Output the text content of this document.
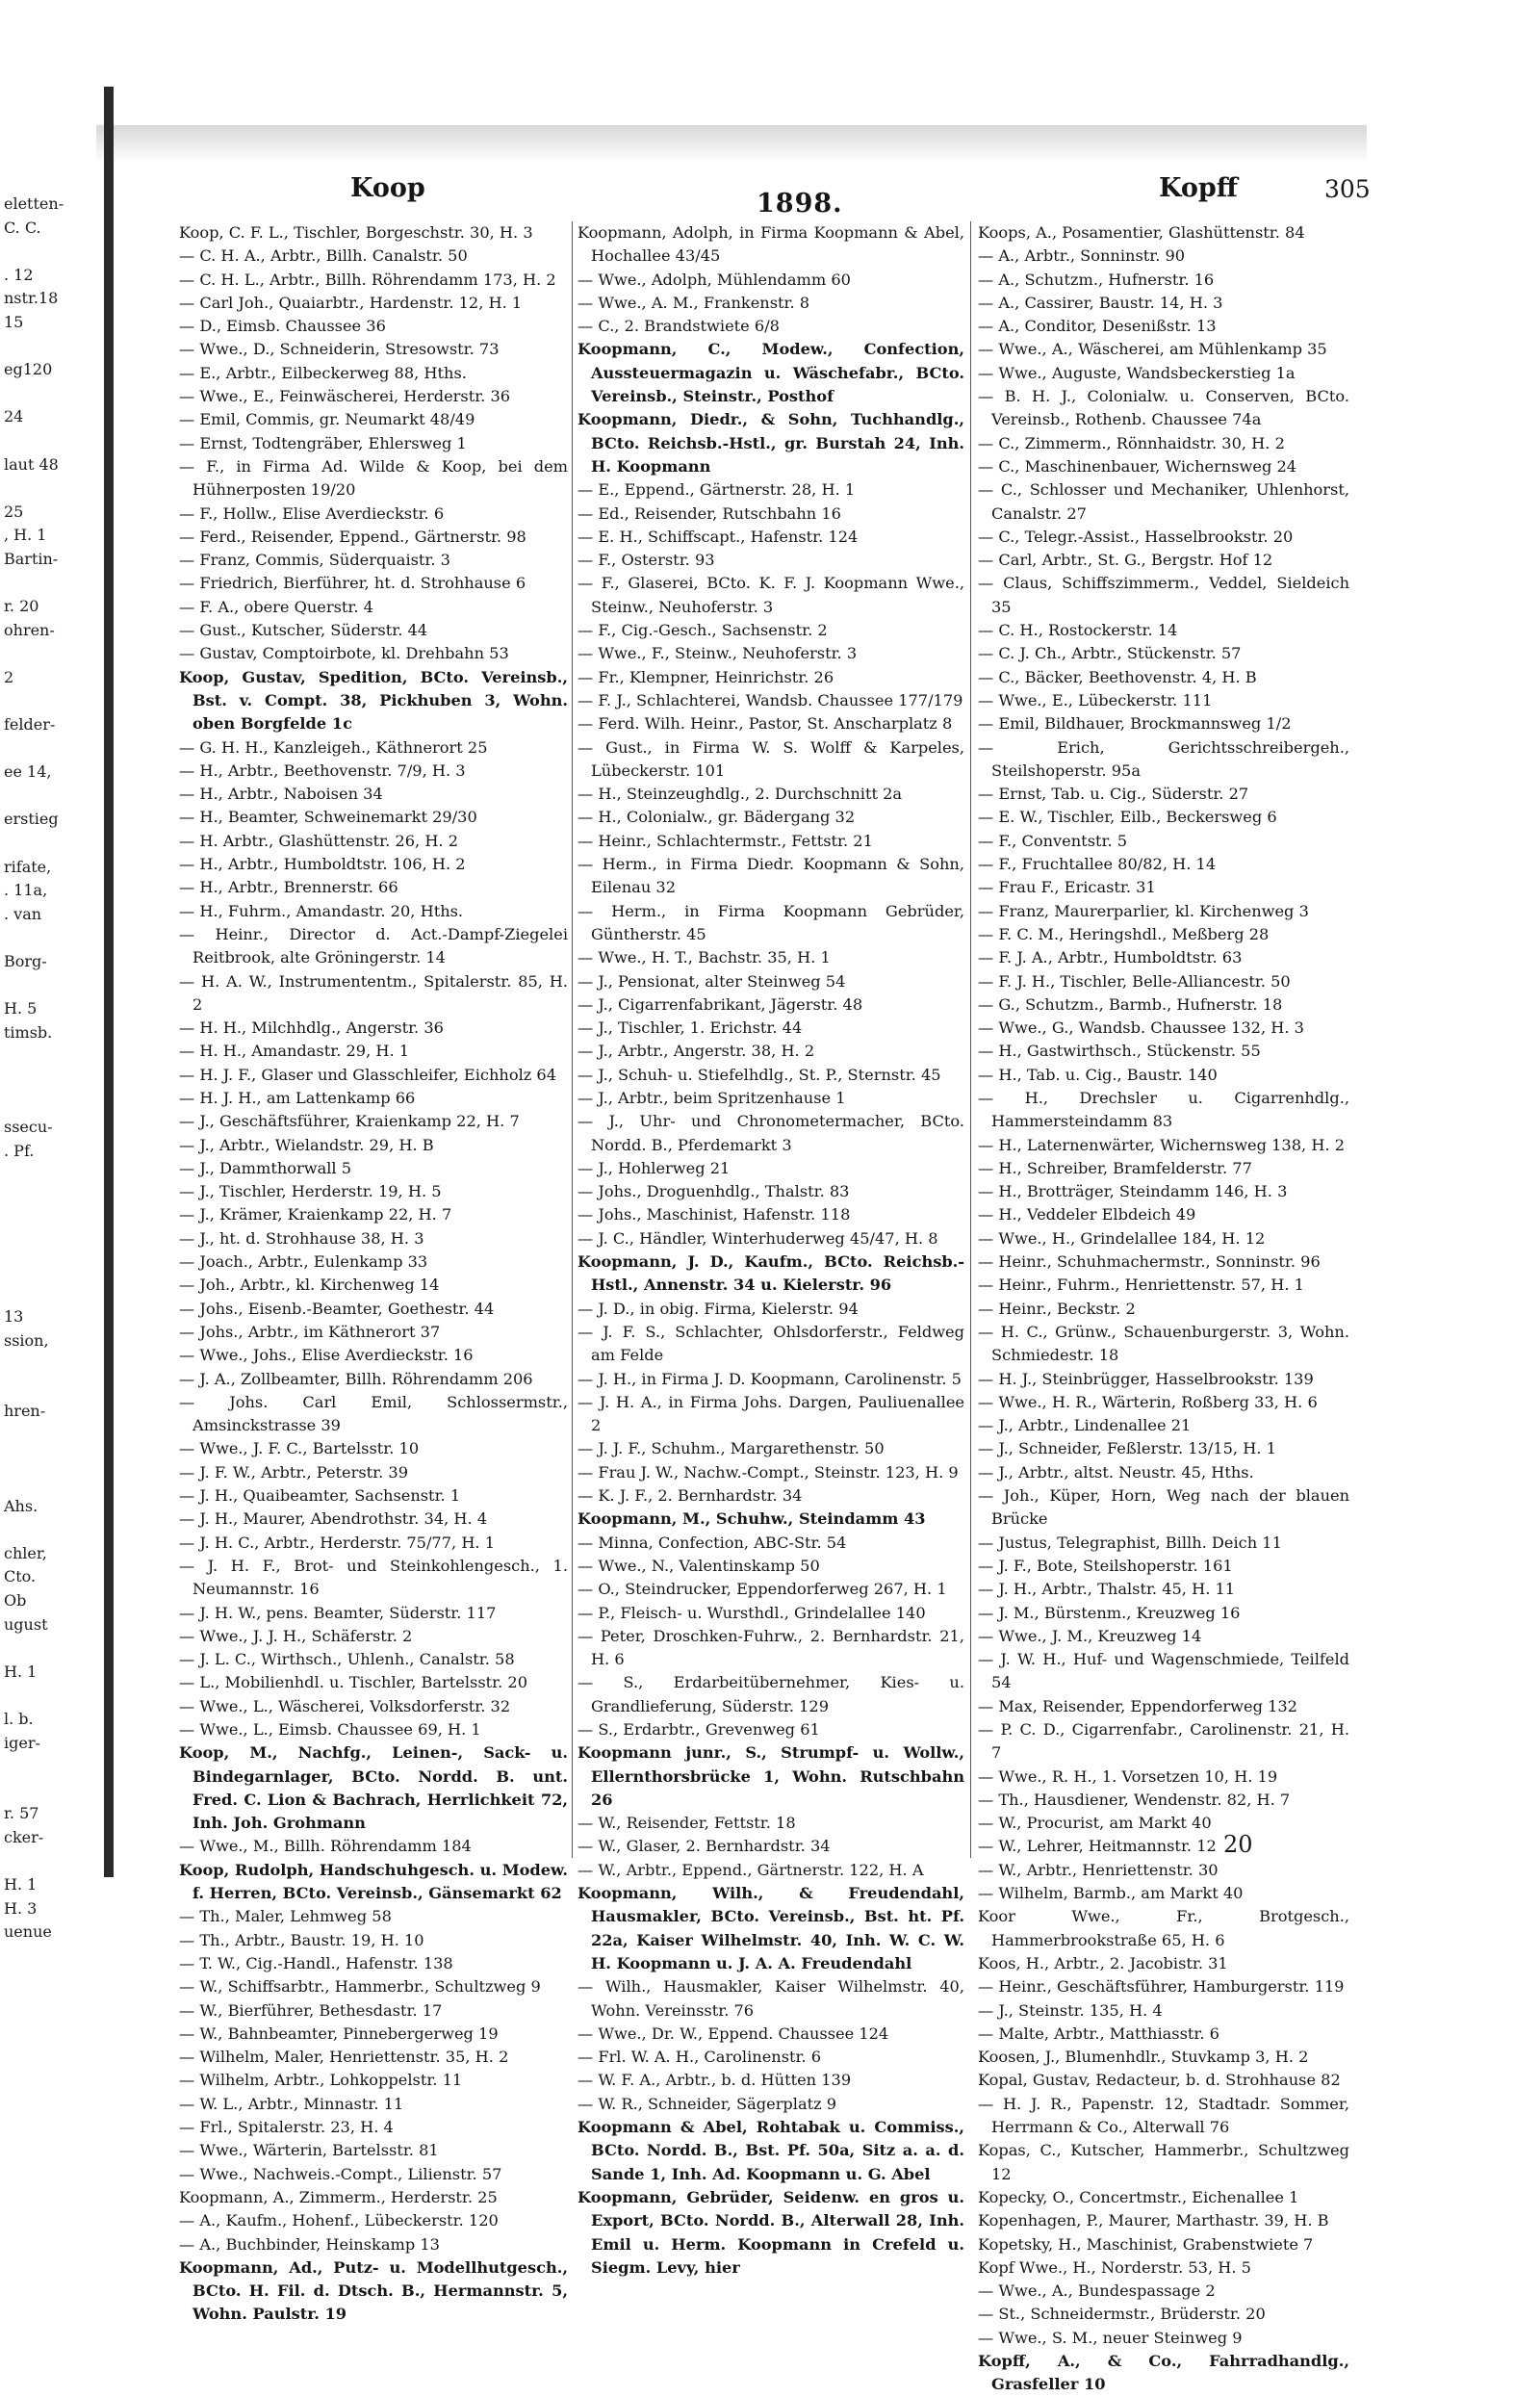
eletten-
C. C.

. 12
nstr.18
15

eg120

24

laut 48

25
, H. 1
Bartin-

r. 20
ohren-

2

felder-

ee 14,

erstieg

rifate,
. 11a,
. van

Borg-

H. 5
timsb.

ssecu-
. Pf.

13
ssion,

hren-

Ahs.

chler,
Cto.
Ob
ugust

H. 1

l. b.
iger-

r. 57
cker-

H. 1
H. 3
uenue
Koop
1898.
Kopff	305

Koop, C. F. L., Tischler, Borgeschstr. 30, H. 3

— C. H. A., Arbtr., Billh. Canalstr. 50

— C. H. L., Arbtr., Billh. Röhrendamm 173, H. 2

— Carl Joh., Quaiarbtr., Hardenstr. 12, H. 1

— D., Eimsb. Chaussee 36

— Wwe., D., Schneiderin, Stresowstr. 73

— E., Arbtr., Eilbeckerweg 88, Hths.

— Wwe., E., Feinwäscherei, Herderstr. 36

— Emil, Commis, gr. Neumarkt 48/49

— Ernst, Todtengräber, Ehlersweg 1

— F., in Firma Ad. Wilde & Koop, bei dem Hühnerposten 19/20

— F., Hollw., Elise Averdieckstr. 6

— Ferd., Reisender, Eppend., Gärtnerstr. 98

— Franz, Commis, Süderquaistr. 3

— Friedrich, Bierführer, ht. d. Strohhause 6

— F. A., obere Querstr. 4

— Gust., Kutscher, Süderstr. 44

— Gustav, Comptoirbote, kl. Drehbahn 53

Koop, Gustav, Spedition, BCto. Vereinsb., Bst. v. Compt. 38, Pickhuben 3, Wohn. oben Borgfelde 1c

— G. H. H., Kanzleigeh., Käthnerort 25

— H., Arbtr., Beethovenstr. 7/9, H. 3

— H., Arbtr., Naboisen 34

— H., Beamter, Schweinemarkt 29/30

— H. Arbtr., Glashüttenstr. 26, H. 2

— H., Arbtr., Humboldtstr. 106, H. 2

— H., Arbtr., Brennerstr. 66

— H., Fuhrm., Amandastr. 20, Hths.

— Heinr., Director d. Act.-Dampf-Ziegelei Reitbrook, alte Gröningerstr. 14

— H. A. W., Instrumententm., Spitalerstr. 85, H. 2

— H. H., Milchhdlg., Angerstr. 36

— H. H., Amandastr. 29, H. 1

— H. J. F., Glaser und Glasschleifer, Eichholz 64

— H. J. H., am Lattenkamp 66

— J., Geschäftsführer, Kraienkamp 22, H. 7

— J., Arbtr., Wielandstr. 29, H. B

— J., Dammthorwall 5

— J., Tischler, Herderstr. 19, H. 5

— J., Krämer, Kraienkamp 22, H. 7

— J., ht. d. Strohhause 38, H. 3

— Joach., Arbtr., Eulenkamp 33

— Joh., Arbtr., kl. Kirchenweg 14

— Johs., Eisenb.-Beamter, Goethestr. 44

— Johs., Arbtr., im Käthnerort 37

— Wwe., Johs., Elise Averdieckstr. 16

— J. A., Zollbeamter, Billh. Röhrendamm 206

— Johs. Carl Emil, Schlossermstr., Amsinckstrasse 39

— Wwe., J. F. C., Bartelsstr. 10

— J. F. W., Arbtr., Peterstr. 39

— J. H., Quaibeamter, Sachsenstr. 1

— J. H., Maurer, Abendrothstr. 34, H. 4

— J. H. C., Arbtr., Herderstr. 75/77, H. 1

— J. H. F., Brot- und Steinkohlengesch., 1. Neumannstr. 16

— J. H. W., pens. Beamter, Süderstr. 117

— Wwe., J. J. H., Schäferstr. 2

— J. L. C., Wirthsch., Uhlenh., Canalstr. 58

— L., Mobilienhdl. u. Tischler, Bartelsstr. 20

— Wwe., L., Wäscherei, Volksdorferstr. 32

— Wwe., L., Eimsb. Chaussee 69, H. 1

Koop, M., Nachfg., Leinen-, Sack- u. Bindegarnlager, BCto. Nordd. B. unt. Fred. C. Lion & Bachrach, Herrlichkeit 72, Inh. Joh. Grohmann

— Wwe., M., Billh. Röhrendamm 184

Koop, Rudolph, Handschuhgesch. u. Modew. f. Herren, BCto. Vereinsb., Gänsemarkt 62

— Th., Maler, Lehmweg 58

— Th., Arbtr., Baustr. 19, H. 10

— T. W., Cig.-Handl., Hafenstr. 138

— W., Schiffsarbtr., Hammerbr., Schultzweg 9

— W., Bierführer, Bethesdastr. 17

— W., Bahnbeamter, Pinnebergerweg 19

— Wilhelm, Maler, Henriettenstr. 35, H. 2

— Wilhelm, Arbtr., Lohkoppelstr. 11

— W. L., Arbtr., Minnastr. 11

— Frl., Spitalerstr. 23, H. 4

— Wwe., Wärterin, Bartelsstr. 81

— Wwe., Nachweis.-Compt., Lilienstr. 57

Koopmann, A., Zimmerm., Herderstr. 25

— A., Kaufm., Hohenf., Lübeckerstr. 120

— A., Buchbinder, Heinskamp 13

Koopmann, Ad., Putz- u. Modellhutgesch., BCto. H. Fil. d. Dtsch. B., Hermannstr. 5, Wohn. Paulstr. 19

Koopmann, Adolph, in Firma Koopmann & Abel, Hochallee 43/45

— Wwe., Adolph, Mühlendamm 60

— Wwe., A. M., Frankenstr. 8

— C., 2. Brandstwiete 6/8

Koopmann, C., Modew., Confection, Aussteuermagazin u. Wäschefabr., BCto. Vereinsb., Steinstr., Posthof

Koopmann, Diedr., & Sohn, Tuchhandlg., BCto. Reichsb.-Hstl., gr. Burstah 24, Inh. H. Koopmann

— E., Eppend., Gärtnerstr. 28, H. 1

— Ed., Reisender, Rutschbahn 16

— E. H., Schiffscapt., Hafenstr. 124

— F., Osterstr. 93

— F., Glaserei, BCto. K. F. J. Koopmann Wwe., Steinw., Neuhoferstr. 3

— F., Cig.-Gesch., Sachsenstr. 2

— Wwe., F., Steinw., Neuhoferstr. 3

— Fr., Klempner, Heinrichstr. 26

— F. J., Schlachterei, Wandsb. Chaussee 177/179

— Ferd. Wilh. Heinr., Pastor, St. Anscharplatz 8

— Gust., in Firma W. S. Wolff & Karpeles, Lübeckerstr. 101

— H., Steinzeughdlg., 2. Durchschnitt 2a

— H., Colonialw., gr. Bädergang 32

— Heinr., Schlachtermstr., Fettstr. 21

— Herm., in Firma Diedr. Koopmann & Sohn, Eilenau 32

— Herm., in Firma Koopmann Gebrüder, Güntherstr. 45

— Wwe., H. T., Bachstr. 35, H. 1

— J., Pensionat, alter Steinweg 54

— J., Cigarrenfabrikant, Jägerstr. 48

— J., Tischler, 1. Erichstr. 44

— J., Arbtr., Angerstr. 38, H. 2

— J., Schuh- u. Stiefelhdlg., St. P., Sternstr. 45

— J., Arbtr., beim Spritzenhause 1

— J., Uhr- und Chronometermacher, BCto. Nordd. B., Pferdemarkt 3

— J., Hohlerweg 21

— Johs., Droguenhdlg., Thalstr. 83

— Johs., Maschinist, Hafenstr. 118

— J. C., Händler, Winterhuderweg 45/47, H. 8

Koopmann, J. D., Kaufm., BCto. Reichsb.-Hstl., Annenstr. 34 u. Kielerstr. 96

— J. D., in obig. Firma, Kielerstr. 94

— J. F. S., Schlachter, Ohlsdorferstr., Feldweg am Felde

— J. H., in Firma J. D. Koopmann, Carolinenstr. 5

— J. H. A., in Firma Johs. Dargen, Pauliuenallee 2

— J. J. F., Schuhm., Margarethenstr. 50

— Frau J. W., Nachw.-Compt., Steinstr. 123, H. 9

— K. J. F., 2. Bernhardstr. 34

Koopmann, M., Schuhw., Steindamm 43

— Minna, Confection, ABC-Str. 54

— Wwe., N., Valentinskamp 50

— O., Steindrucker, Eppendorferweg 267, H. 1

— P., Fleisch- u. Wursthdl., Grindelallee 140

— Peter, Droschken-Fuhrw., 2. Bernhardstr. 21, H. 6

— S., Erdarbeitübernehmer, Kies- u. Grandlieferung, Süderstr. 129

— S., Erdarbtr., Grevenweg 61

Koopmann junr., S., Strumpf- u. Wollw., Ellernthorsbrücke 1, Wohn. Rutschbahn 26

— W., Reisender, Fettstr. 18

— W., Glaser, 2. Bernhardstr. 34

— W., Arbtr., Eppend., Gärtnerstr. 122, H. A

Koopmann, Wilh., & Freudendahl, Hausmakler, BCto. Vereinsb., Bst. ht. Pf. 22a, Kaiser Wilhelmstr. 40, Inh. W. C. W. H. Koopmann u. J. A. A. Freudendahl

— Wilh., Hausmakler, Kaiser Wilhelmstr. 40, Wohn. Vereinsstr. 76

— Wwe., Dr. W., Eppend. Chaussee 124

— Frl. W. A. H., Carolinenstr. 6

— W. F. A., Arbtr., b. d. Hütten 139

— W. R., Schneider, Sägerplatz 9

Koopmann & Abel, Rohtabak u. Commiss., BCto. Nordd. B., Bst. Pf. 50a, Sitz a. a. d. Sande 1, Inh. Ad. Koopmann u. G. Abel

Koopmann, Gebrüder, Seidenw. en gros u. Export, BCto. Nordd. B., Alterwall 28, Inh. Emil u. Herm. Koopmann in Crefeld u. Siegm. Levy, hier

Koops, A., Posamentier, Glashüttenstr. 84

— A., Arbtr., Sonninstr. 90

— A., Schutzm., Hufnerstr. 16

— A., Cassirer, Baustr. 14, H. 3

— A., Conditor, Desenißstr. 13

— Wwe., A., Wäscherei, am Mühlenkamp 35

— Wwe., Auguste, Wandsbeckerstieg 1a

— B. H. J., Colonialw. u. Conserven, BCto. Vereinsb., Rothenb. Chaussee 74a

— C., Zimmerm., Rönnhaidstr. 30, H. 2

— C., Maschinenbauer, Wichernsweg 24

— C., Schlosser und Mechaniker, Uhlenhorst, Canalstr. 27

— C., Telegr.-Assist., Hasselbrookstr. 20

— Carl, Arbtr., St. G., Bergstr. Hof 12

— Claus, Schiffszimmerm., Veddel, Sieldeich 35

— C. H., Rostockerstr. 14

— C. J. Ch., Arbtr., Stückenstr. 57

— C., Bäcker, Beethovenstr. 4, H. B

— Wwe., E., Lübeckerstr. 111

— Emil, Bildhauer, Brockmannsweg 1/2

— Erich, Gerichtsschreibergeh., Steilshoperstr. 95a

— Ernst, Tab. u. Cig., Süderstr. 27

— E. W., Tischler, Eilb., Beckersweg 6

— F., Conventstr. 5

— F., Fruchtallee 80/82, H. 14

— Frau F., Ericastr. 31

— Franz, Maurerparlier, kl. Kirchenweg 3

— F. C. M., Heringshdl., Meßberg 28

— F. J. A., Arbtr., Humboldtstr. 63

— F. J. H., Tischler, Belle-Alliancestr. 50

— G., Schutzm., Barmb., Hufnerstr. 18

— Wwe., G., Wandsb. Chaussee 132, H. 3

— H., Gastwirthsch., Stückenstr. 55

— H., Tab. u. Cig., Baustr. 140

— H., Drechsler u. Cigarrenhdlg., Hammersteindamm 83

— H., Laternenwärter, Wichernsweg 138, H. 2

— H., Schreiber, Bramfelderstr. 77

— H., Brotträger, Steindamm 146, H. 3

— H., Veddeler Elbdeich 49

— Wwe., H., Grindelallee 184, H. 12

— Heinr., Schuhmachermstr., Sonninstr. 96

— Heinr., Fuhrm., Henriettenstr. 57, H. 1

— Heinr., Beckstr. 2

— H. C., Grünw., Schauenburgerstr. 3, Wohn. Schmiedestr. 18

— H. J., Steinbrügger, Hasselbrookstr. 139

— Wwe., H. R., Wärterin, Roßberg 33, H. 6

— J., Arbtr., Lindenallee 21

— J., Schneider, Feßlerstr. 13/15, H. 1

— J., Arbtr., altst. Neustr. 45, Hths.

— Joh., Küper, Horn, Weg nach der blauen Brücke

— Justus, Telegraphist, Billh. Deich 11

— J. F., Bote, Steilshoperstr. 161

— J. H., Arbtr., Thalstr. 45, H. 11

— J. M., Bürstenm., Kreuzweg 16

— Wwe., J. M., Kreuzweg 14

— J. W. H., Huf- und Wagenschmiede, Teilfeld 54

— Max, Reisender, Eppendorferweg 132

— P. C. D., Cigarrenfabr., Carolinenstr. 21, H. 7

— Wwe., R. H., 1. Vorsetzen 10, H. 19

— Th., Hausdiener, Wendenstr. 82, H. 7

— W., Procurist, am Markt 40

— W., Lehrer, Heitmannstr. 12

— W., Arbtr., Henriettenstr. 30

— Wilhelm, Barmb., am Markt 40

Koor Wwe., Fr., Brotgesch., Hammerbrookstraße 65, H. 6

Koos, H., Arbtr., 2. Jacobistr. 31

— Heinr., Geschäftsführer, Hamburgerstr. 119

— J., Steinstr. 135, H. 4

— Malte, Arbtr., Matthiasstr. 6

Koosen, J., Blumenhdlr., Stuvkamp 3, H. 2

Kopal, Gustav, Redacteur, b. d. Strohhause 82

— H. J. R., Papenstr. 12, Stadtadr. Sommer, Herrmann & Co., Alterwall 76

Kopas, C., Kutscher, Hammerbr., Schultzweg 12

Kopecky, O., Concertmstr., Eichenallee 1

Kopenhagen, P., Maurer, Marthastr. 39, H. B

Kopetsky, H., Maschinist, Grabenstwiete 7

Kopf Wwe., H., Norderstr. 53, H. 5

— Wwe., A., Bundespassage 2

— St., Schneidermstr., Brüderstr. 20

— Wwe., S. M., neuer Steinweg 9

Kopff, A., & Co., Fahrradhandlg., Grasfeller 10

20
